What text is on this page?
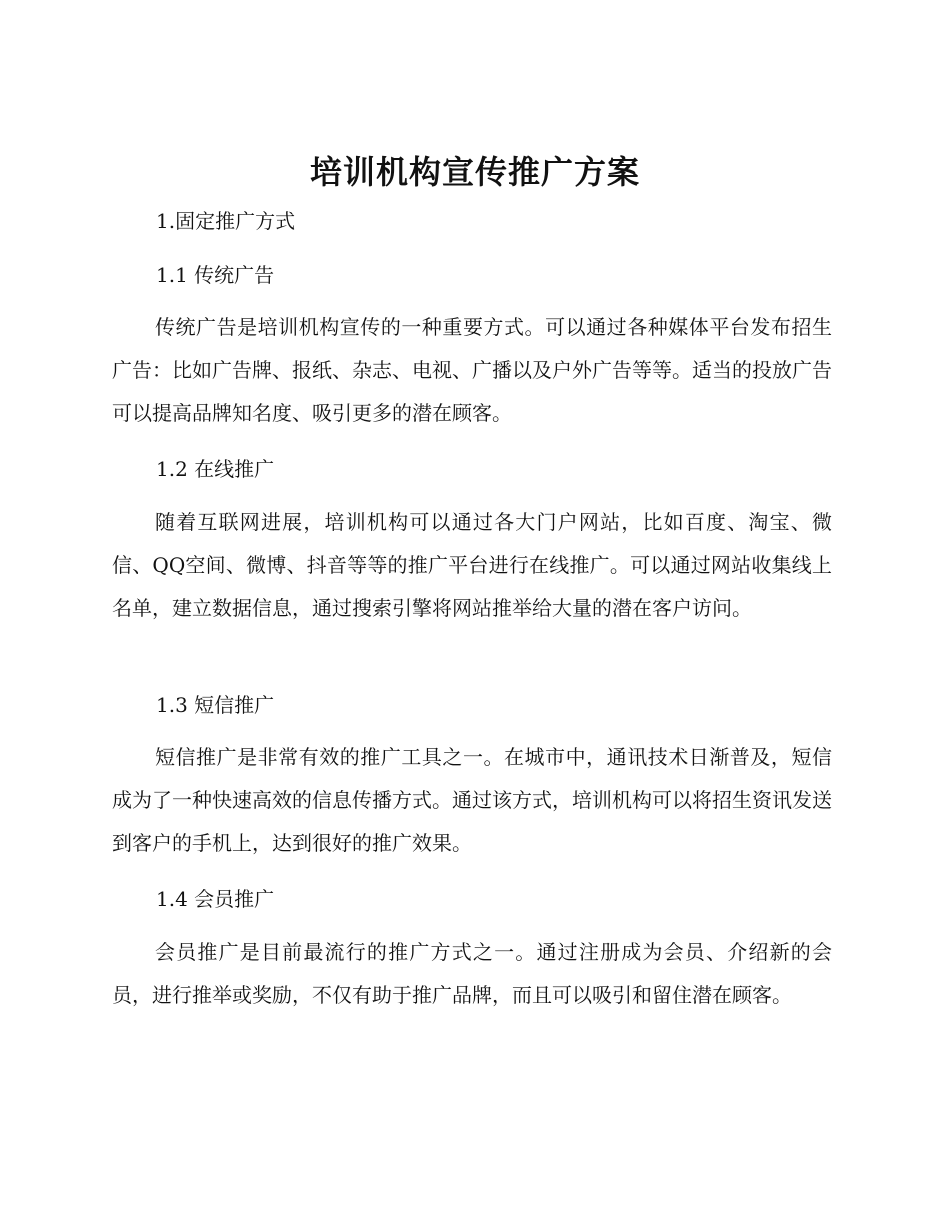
培训机构宣传推广方案
1.固定推广方式
1.1 传统广告

传统广告是培训机构宣传的一种重要方式。可以通过各种媒体平台发布招生广告：比如广告牌、报纸、杂志、电视、广播以及户外广告等等。适当的投放广告可以提高品牌知名度、吸引更多的潜在顾客。

1.2 在线推广

随着互联网进展，培训机构可以通过各大门户网站，比如百度、淘宝、微信、QQ空间、微博、抖音等等的推广平台进行在线推广。可以通过网站收集线上名单，建立数据信息，通过搜索引擎将网站推举给大量的潜在客户访问。

1.3 短信推广

短信推广是非常有效的推广工具之一。在城市中，通讯技术日渐普及，短信成为了一种快速高效的信息传播方式。通过该方式，培训机构可以将招生资讯发送到客户的手机上，达到很好的推广效果。

1.4 会员推广

会员推广是目前最流行的推广方式之一。通过注册成为会员、介绍新的会员，进行推举或奖励，不仅有助于推广品牌，而且可以吸引和留住潜在顾客。
